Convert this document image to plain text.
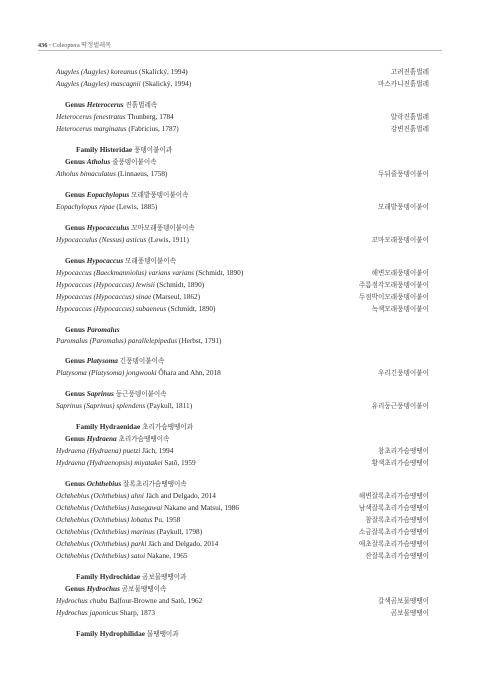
436 • Coleoptera 딱정벌레목
Augyles (Augyles) koreanus (Skalický, 1994)	고려진흙벌레
Augyles (Augyles) mascagnii (Skalický, 1994)	마스카니진흙벌레
Genus Heterocerus 진흙벌레속
Heterocerus fenestratus Thunberg, 1784	알락진흙벌레
Heterocerus marginatus (Fabricius, 1787)	강변진흙벌레
Family Histeridae 풍뎅이붙이과
Genus Atholus 줄풍뎅이붙이속
Atholus bimaculatus (Linnaeus, 1758)	두뒤줄풍뎅이붙이
Genus Eopachylopus 모래밭풍뎅이붙이속
Eopachylopus ripae (Lewis, 1885)	모래밭풍뎅이붙이
Genus Hypocacculus 꼬마모래풍뎅이붙이속
Hypocacculus (Nessus) asticus (Lewis, 1911)	꼬마모래풍뎅이붙이
Genus Hypocaccus 모래풍뎅이붙이속
Hypocaccus (Baeckmanniolus) varians varians (Schmidt, 1890)	해변모래풍뎅이붙이
Hypocaccus (Hypocaccus) lewisii (Schmidt, 1890)	주름점각모래풍뎅이붙이
Hypocaccus (Hypocaccus) sinae (Marseul, 1862)	두점박이모래풍뎅이붙이
Hypocaccus (Hypocaccus) subaeneus (Schmidt, 1890)	녹색모래풍뎅이붙이
Genus Paromalus
Paromalus (Paromalus) parallelepipedus (Herbst, 1791)
Genus Platysoma 긴풍뎅이붙이속
Platysoma (Platysoma) jongwooki Ôhara and Ahn, 2018	우리긴풍뎅이붙이
Genus Saprinus 둥근풍뎅이붙이속
Saprinus (Saprinus) splendens (Paykull, 1811)	유리둥근풍뎅이붙이
Family Hydraenidae 초리가슴땡땡이과
Genus Hydraena 초리가슴땡땡이속
Hydraena (Hydraena) puetzi Jäch, 1994	참초리가슴땡땡이
Hydraena (Hydraenopsis) miyatakei Satô, 1959	황색초리가슴땡땡이
Genus Ochthebius 잘록초리가슴땡땡이속
Ochthebius (Ochthebius) ahni Jäch and Delgado, 2014	해변잘록초리가슴땡땡이
Ochthebius (Ochthebius) hasegawai Nakane and Matsui, 1986	남색잘록초리가슴땡땡이
Ochthebius (Ochthebius) lobatus Pu, 1958	참잘록초리가슴땡땡이
Ochthebius (Ochthebius) marinus (Paykull, 1798)	소금잘록초리가슴땡땡이
Ochthebius (Ochthebius) parki Jäch and Delgado, 2014	애초잘록초리가슴땡땡이
Ochthebius (Ochthebius) satoi Nakane, 1965	잔잘록초리가슴땡땡이
Family Hydrochidae 곰보물땡땡이과
Genus Hydrochus 곰보물땡땡이속
Hydrochus chubu Balfour-Browne and Satô, 1962	갈색곰보물땡땡이
Hydrochus japonicus Sharp, 1873	곰보물땡땡이
Family Hydrophilidae 물땡땡이과
